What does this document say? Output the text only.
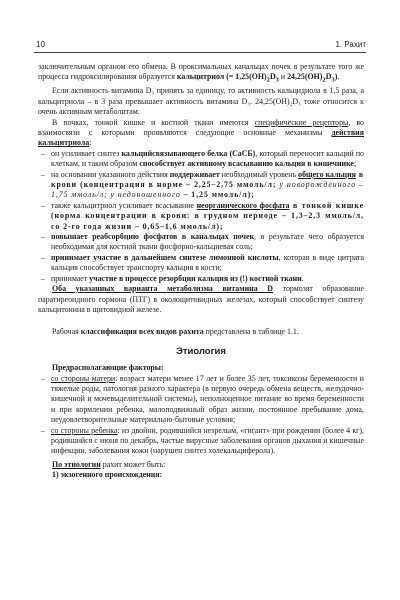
10	1. Рахит

заключительным органом его обмена. В проксимальных канальцах почек в результате того же процесса гидроксилирования образуется кальцитриол (= $1,25(ОН)_2D_3$ и $24,25(ОН)_2D_3$).

Если активность витамина D₃ принять за единицу, то активность кальцидиола в 1,5 раза, а кальцитриола – в 3 раза превышает активность витамина D₃. 24,25(ОН)₂D₃ тоже относится к очень активным метаболитам.

В почках, тонкой кишке и костной ткани имеются специфические рецепторы, во взаимосвязи с которыми проявляются следующие основные механизмы действия кальцитриола:

– он усиливает синтез кальцийсвязывающего белка (СаСБ), который переносит кальций по клеткам, и таким образом способствует активному всасыванию кальция в кишечнике;
– на основании указанного действия поддерживает необходимый уровень общего кальция в крови (концентрация в норме – 2,25–2,75 ммоль/л; у новорожденного – 1,75 ммоль/л; у недоношенного – 1,25 ммоль/л);
– также кальцитриол усиливает всасывание неорганического фосфата в тонкой кишке (норма концентрации в крови: в грудном периоде – 1,3–2,3 ммоль/л, со 2-го года жизни – 0,65–1,6 ммоль/л);
– повышает реабсорбцию фосфатов в канальцах почек, в результате чего образуется необходимая для костной ткани фосфорно-кальциевая соль;
– принимает участие в дальнейшем синтезе лимонной кислоты, которая в виде цитрата кальция способствует транспорту кальция в кости;
– принимает участие в процессе резорбции кальция из (!) костной ткани.

Оба указанных варианта метаболизма витамина D тормозят образование паратиреоидного гормона (ПТГ) в околощитовидных железах, который способствует синтезу кальцитонина в щитовидной железе.

Рабочая классификация всех видов рахита представлена в таблице 1.1.

Этиология

Предрасполагающие факторы:

– со стороны матери: возраст матери менее 17 лет и более 35 лет, токсикозы беременности и тяжелые роды, патология разного характера (в первую очередь обмена веществ, желудочно-кишечной и мочевыделительной системы), неполноценное питание во время беременности и при кормлении ребенка, малоподвижный образ жизни, постоянное пребывание дома, неудовлетворительные материально-бытовые условия;
– со стороны ребенка: из двойни, родившийся незрелым, «гигант» при рождении (более 4 кг), родившийся с июня по декабрь, частые вирусные заболевания органов дыхания и кишечные инфекции, заболевания кожи (нарушен синтез холекальциферола).

По этиологии рахит может быть:

1) экзогенного происхождения:
